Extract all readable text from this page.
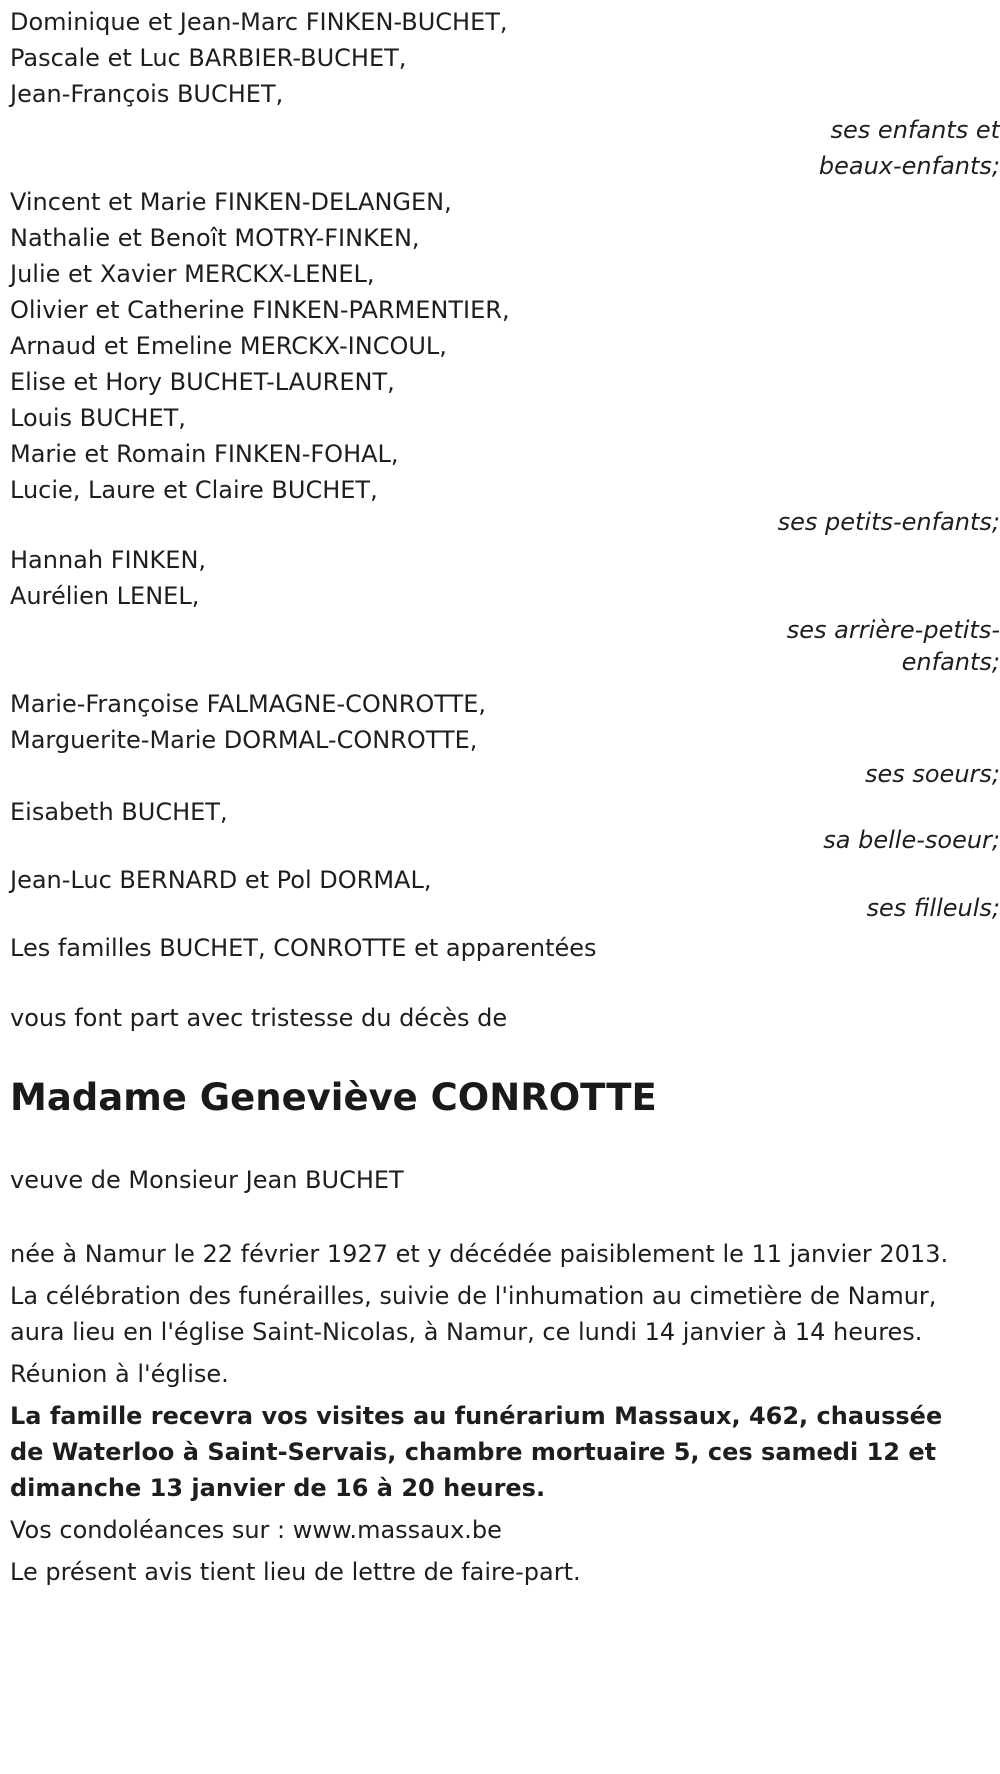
Dominique et Jean-Marc FINKEN-BUCHET,
Pascale et Luc BARBIER-BUCHET,
Jean-François BUCHET,
ses enfants et
beaux-enfants;
Vincent et Marie FINKEN-DELANGEN,
Nathalie et Benoît MOTRY-FINKEN,
Julie et Xavier MERCKX-LENEL,
Olivier et Catherine FINKEN-PARMENTIER,
Arnaud et Emeline MERCKX-INCOUL,
Elise et Hory BUCHET-LAURENT,
Louis BUCHET,
Marie et Romain FINKEN-FOHAL,
Lucie, Laure et Claire BUCHET,
ses petits-enfants;
Hannah FINKEN,
Aurélien LENEL,
ses arrière-petits-
enfants;
Marie-Françoise FALMAGNE-CONROTTE,
Marguerite-Marie DORMAL-CONROTTE,
ses soeurs;
Eisabeth BUCHET,
sa belle-soeur;
Jean-Luc BERNARD et Pol DORMAL,
ses filleuls;
Les familles BUCHET, CONROTTE et apparentées
vous font part avec tristesse du décès de
Madame Geneviève CONROTTE
veuve de Monsieur Jean BUCHET
née à Namur le 22 février 1927 et y décédée paisiblement le 11 janvier 2013.
La célébration des funérailles, suivie de l'inhumation au cimetière de Namur, aura lieu en l'église Saint-Nicolas, à Namur, ce lundi 14 janvier à 14 heures.
Réunion à l'église.
La famille recevra vos visites au funérarium Massaux, 462, chaussée de Waterloo à Saint-Servais, chambre mortuaire 5, ces samedi 12 et dimanche 13 janvier de 16 à 20 heures.
Vos condoléances sur : www.massaux.be
Le présent avis tient lieu de lettre de faire-part.
